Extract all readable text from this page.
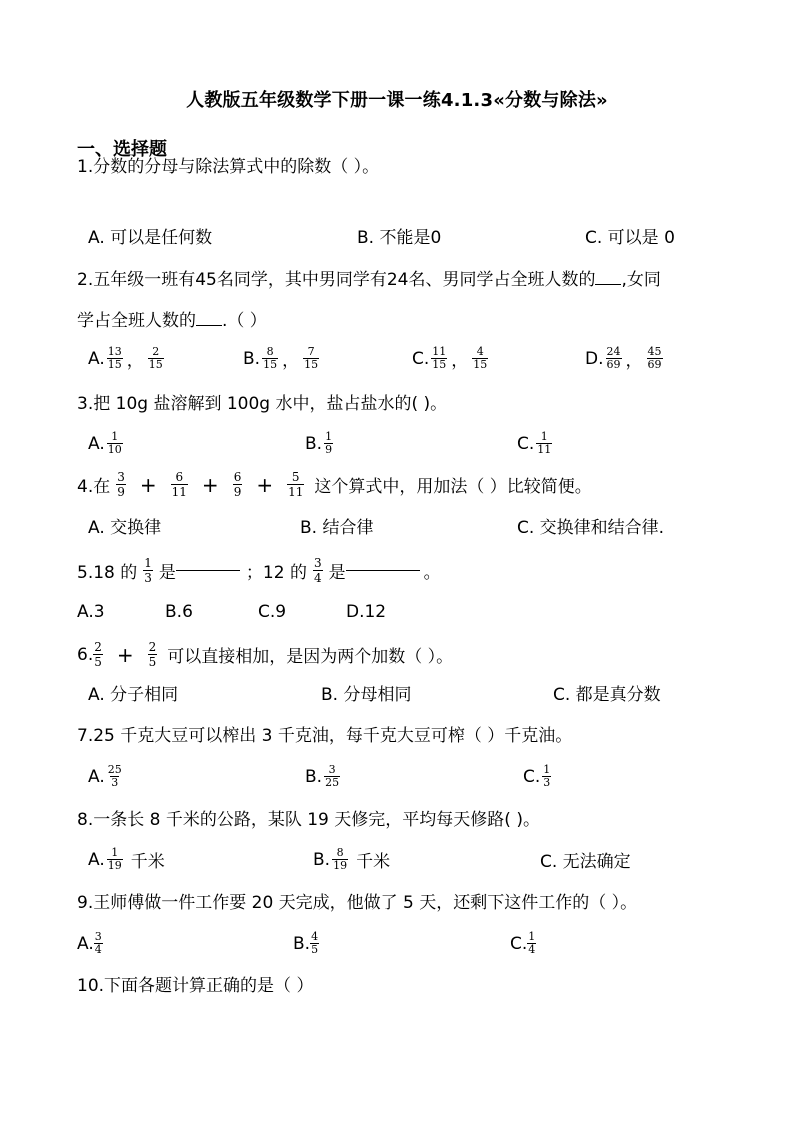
人教版五年级数学下册一课一练4.1.3«分数与除法»
一、选择题
1.分数的分母与除法算式中的除数（ ）。
A. 可以是任何数	B. 不能是0	C. 可以是 0
2.五年级一班有45名同学，其中男同学有24名、男同学占全班人数的 ,女同
学占全班人数的 .（ ）
A. $\frac{13}{15}$ ， $\frac{2}{15}$	B. $\frac{8}{15}$ ， $\frac{7}{15}$	C. $\frac{11}{15}$ ， $\frac{4}{15}$	D. $\frac{24}{69}$ ， $\frac{45}{69}$
3.把 10g 盐溶解到 100g 水中，盐占盐水的( )。
A. $\frac{1}{10}$	B. $\frac{1}{9}$	C. $\frac{1}{11}$
4.在 $\frac{3}{9} + \frac{6}{11} + \frac{6}{9} + \frac{5}{11}$ 这个算式中，用加法（ ）比较简便。
A. 交换律	B. 结合律	C. 交换律和结合律.
5.18 的 $\frac{1}{3}$ 是	；12 的 $\frac{3}{4}$ 是	。
A.3	B.6	C.9	D.12
6. $\frac{2}{5} + \frac{2}{5}$ 可以直接相加，是因为两个加数（ ）。
A. 分子相同	B. 分母相同	C. 都是真分数
7.25 千克大豆可以榨出 3 千克油，每千克大豆可榨（ ）千克油。
A. $\frac{25}{3}$	B. $\frac{3}{25}$	C. $\frac{1}{3}$
8.一条长 8 千米的公路，某队 19 天修完，平均每天修路( )。
A. $\frac{1}{19}$ 千米	B. $\frac{8}{19}$ 千米	C. 无法确定
9.王师傅做一件工作要 20 天完成，他做了 5 天，还剩下这件工作的（ ）。
A. $\frac{3}{4}$	B. $\frac{4}{5}$	C. $\frac{1}{4}$
10.下面各题计算正确的是（ ）
